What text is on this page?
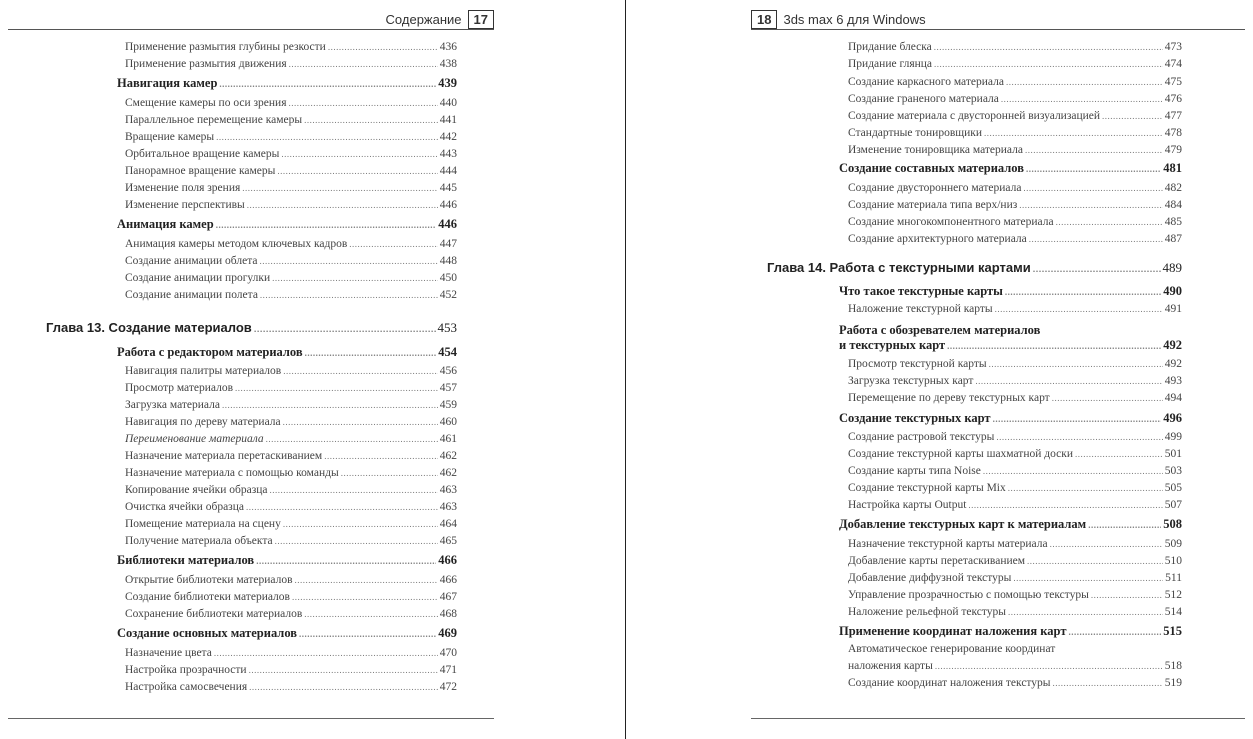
Содержание 17
Применение размытия глубины резкости .....	436
Применение размытия движения .....	438
Навигация камер .....	439
Смещение камеры по оси зрения .....	440
Параллельное перемещение камеры .....	441
Вращение камеры .....	442
Орбитальное вращение камеры .....	443
Панорамное вращение камеры .....	444
Изменение поля зрения .....	445
Изменение перспективы .....	446
Анимация камер .....	446
Анимация камеры методом ключевых кадров .....	447
Создание анимации облета .....	448
Создание анимации прогулки .....	450
Создание анимации полета .....	452
Глава 13. Создание материалов .....	453
Работа с редактором материалов .....	454
Навигация палитры материалов .....	456
Просмотр материалов .....	457
Загрузка материала .....	459
Навигация по дереву материала .....	460
Переименование материала .....	461
Назначение материала перетаскиванием .....	462
Назначение материала с помощью команды .....	462
Копирование ячейки образца .....	463
Очистка ячейки образца .....	463
Помещение материала на сцену .....	464
Получение материала объекта .....	465
Библиотеки материалов .....	466
Открытие библиотеки материалов .....	466
Создание библиотеки материалов .....	467
Сохранение библиотеки материалов .....	468
Создание основных материалов .....	469
Назначение цвета .....	470
Настройка прозрачности .....	471
Настройка самосвечения .....	472
18 3ds max 6 для Windows
Придание блеска .....	473
Придание глянца .....	474
Создание каркасного материала .....	475
Создание граненого материала .....	476
Создание материала с двусторонней визуализацией .....	477
Стандартные тонировщики .....	478
Изменение тонировщика материала .....	479
Создание составных материалов .....	481
Создание двустороннего материала .....	482
Создание материала типа верх/низ .....	484
Создание многокомпонентного материала .....	485
Создание архитектурного материала .....	487
Глава 14. Работа с текстурными картами .....	489
Что такое текстурные карты .....	490
Наложение текстурной карты .....	491
Работа с обозревателем материалов
и текстурных карт .....	492
Просмотр текстурной карты .....	492
Загрузка текстурных карт .....	493
Перемещение по дереву текстурных карт .....	494
Создание текстурных карт .....	496
Создание растровой текстуры .....	499
Создание текстурной карты шахматной доски .....	501
Создание карты типа Noise .....	503
Создание текстурной карты Mix .....	505
Настройка карты Output .....	507
Добавление текстурных карт к материалам .....	508
Назначение текстурной карты материала .....	509
Добавление карты перетаскиванием .....	510
Добавление диффузной текстуры .....	511
Управление прозрачностью с помощью текстуры .....	512
Наложение рельефной текстуры .....	514
Применение координат наложения карт .....	515
Автоматическое генерирование координат
наложения карты .....	518
Создание координат наложения текстуры .....	519
